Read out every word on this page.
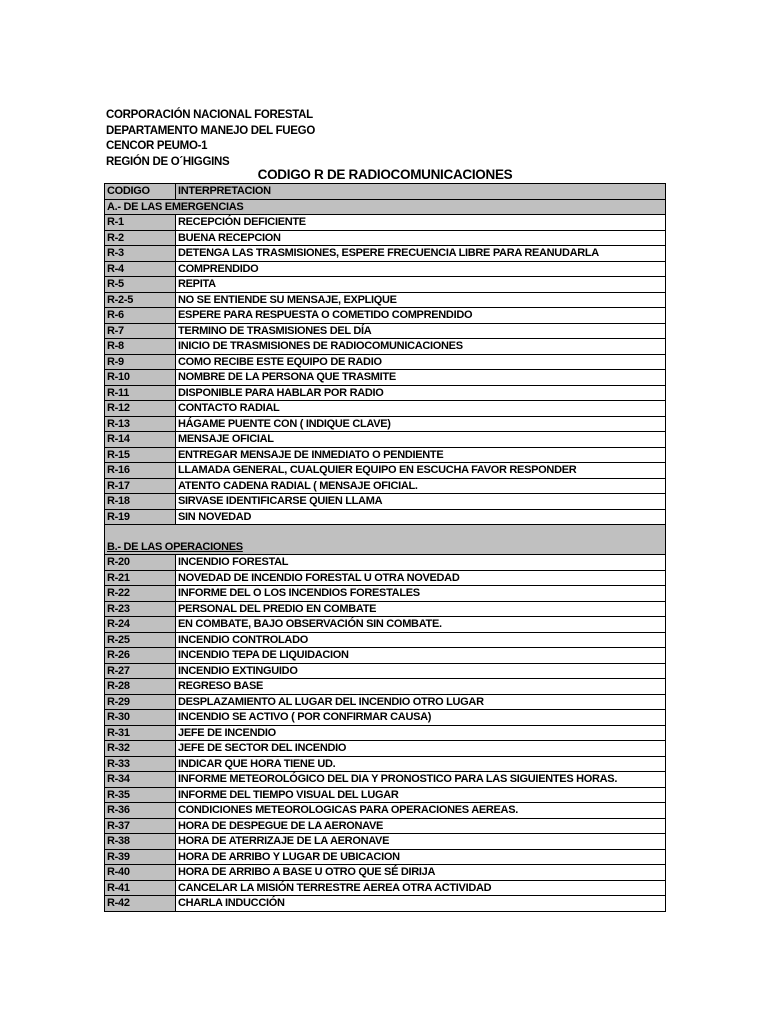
CORPORACIÓN NACIONAL FORESTAL
DEPARTAMENTO MANEJO DEL FUEGO
CENCOR PEUMO-1
REGIÓN DE O´HIGGINS
CODIGO R DE RADIOCOMUNICACIONES
CODIGO	INTERPRETACION
A.- DE LAS EMERGENCIAS	
R-1	RECEPCIÓN DEFICIENTE
R-2	BUENA RECEPCION
R-3	DETENGA LAS TRASMISIONES, ESPERE FRECUENCIA LIBRE PARA REANUDARLA
R-4	COMPRENDIDO
R-5	REPITA
R-2-5	NO SE ENTIENDE SU MENSAJE, EXPLIQUE
R-6	ESPERE PARA RESPUESTA O COMETIDO COMPRENDIDO
R-7	TERMINO DE TRASMISIONES DEL DÍA
R-8	INICIO DE TRASMISIONES DE RADIOCOMUNICACIONES
R-9	COMO RECIBE ESTE EQUIPO DE RADIO
R-10	NOMBRE DE LA PERSONA QUE TRASMITE
R-11	DISPONIBLE PARA HABLAR POR RADIO
R-12	CONTACTO RADIAL
R-13	HÁGAME PUENTE CON ( INDIQUE CLAVE)
R-14	MENSAJE OFICIAL
R-15	ENTREGAR MENSAJE DE INMEDIATO O PENDIENTE
R-16	LLAMADA GENERAL, CUALQUIER EQUIPO EN ESCUCHA FAVOR RESPONDER
R-17	ATENTO CADENA RADIAL ( MENSAJE OFICIAL.
R-18	SIRVASE IDENTIFICARSE QUIEN LLAMA
R-19	SIN NOVEDAD
B.- DE LAS OPERACIONES	
R-20	INCENDIO FORESTAL
R-21	NOVEDAD DE INCENDIO FORESTAL U OTRA NOVEDAD
R-22	INFORME DEL O LOS INCENDIOS FORESTALES
R-23	PERSONAL DEL PREDIO EN COMBATE
R-24	EN COMBATE, BAJO OBSERVACIÓN SIN COMBATE.
R-25	INCENDIO CONTROLADO
R-26	INCENDIO TEPA DE LIQUIDACION
R-27	INCENDIO EXTINGUIDO
R-28	REGRESO BASE
R-29	DESPLAZAMIENTO AL LUGAR DEL INCENDIO OTRO LUGAR
R-30	INCENDIO SE ACTIVO ( POR CONFIRMAR CAUSA)
R-31	JEFE DE INCENDIO
R-32	JEFE DE SECTOR DEL INCENDIO
R-33	INDICAR QUE HORA TIENE UD.
R-34	INFORME METEOROLÓGICO DEL DIA Y PRONOSTICO PARA LAS SIGUIENTES HORAS.
R-35	INFORME DEL TIEMPO VISUAL DEL LUGAR
R-36	CONDICIONES METEOROLOGICAS PARA OPERACIONES AEREAS.
R-37	HORA DE DESPEGUE DE LA AERONAVE
R-38	HORA DE ATERRIZAJE DE LA AERONAVE
R-39	HORA DE ARRIBO Y LUGAR DE UBICACION
R-40	HORA DE ARRIBO A BASE U OTRO QUE SÉ DIRIJA
R-41	CANCELAR LA MISIÓN TERRESTRE AEREA OTRA ACTIVIDAD
R-42	CHARLA INDUCCIÓN
